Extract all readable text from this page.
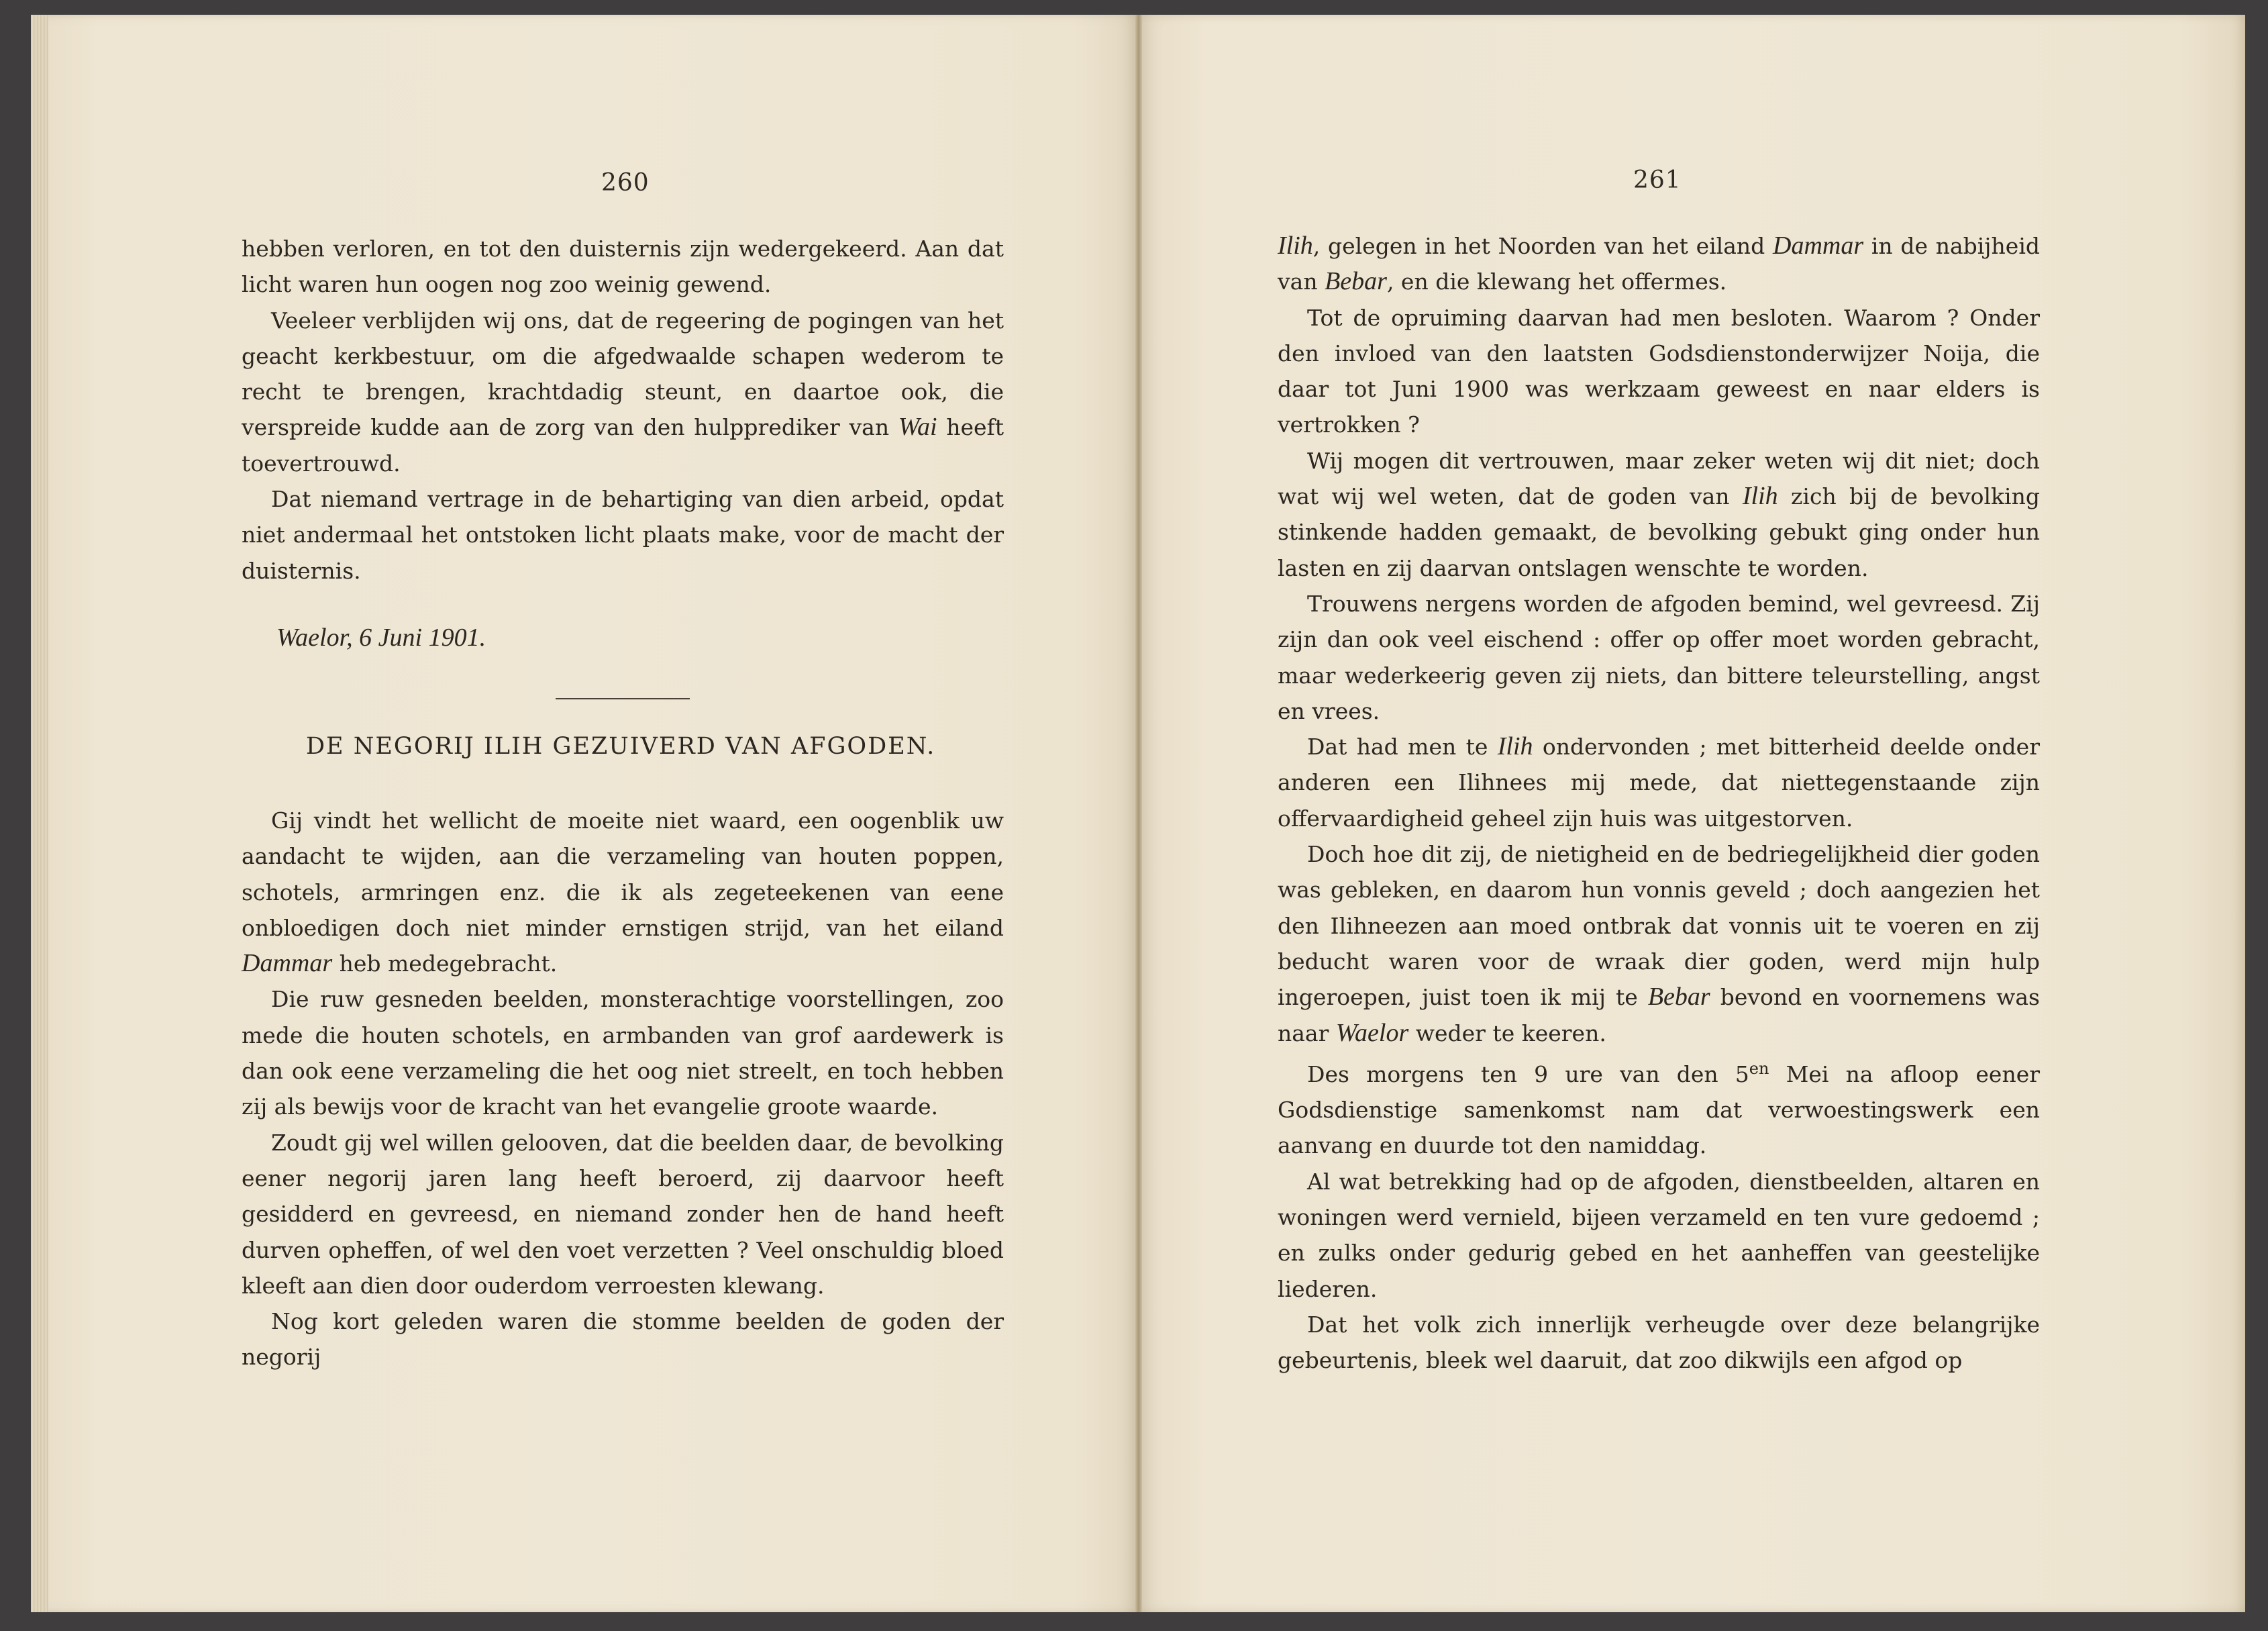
260

hebben verloren, en tot den duisternis zijn wedergekeerd. Aan dat licht waren hun oogen nog zoo weinig gewend.

Veeleer verblijden wij ons, dat de regeering de pogingen van het geacht kerkbestuur, om die afgedwaalde schapen wederom te recht te brengen, krachtdadig steunt, en daartoe ook, die verspreide kudde aan de zorg van den hulpprediker van Wai heeft toevertrouwd.

Dat niemand vertrage in de behartiging van dien arbeid, opdat niet andermaal het ontstoken licht plaats make, voor de macht der duisternis.

Waelor, 6 Juni 1901.
DE NEGORIJ ILIH GEZUIVERD VAN AFGODEN.

Gij vindt het wellicht de moeite niet waard, een oogenblik uw aandacht te wijden, aan die verzameling van houten poppen, schotels, armringen enz. die ik als zegeteekenen van eene onbloedigen doch niet minder ernstigen strijd, van het eiland Dammar heb medegebracht.

Die ruw gesneden beelden, monsterachtige voorstellingen, zoo mede die houten schotels, en armbanden van grof aardewerk is dan ook eene verzameling die het oog niet streelt, en toch hebben zij als bewijs voor de kracht van het evangelie groote waarde.

Zoudt gij wel willen gelooven, dat die beelden daar, de bevolking eener negorij jaren lang heeft beroerd, zij daarvoor heeft gesidderd en gevreesd, en niemand zonder hen de hand heeft durven opheffen, of wel den voet verzetten ? Veel onschuldig bloed kleeft aan dien door ouderdom verroesten klewang.

Nog kort geleden waren die stomme beelden de goden der negorij

261

Ilih, gelegen in het Noorden van het eiland Dammar in de nabijheid van Bebar, en die klewang het offermes.

Tot de opruiming daarvan had men besloten. Waarom ? Onder den invloed van den laatsten Godsdienstonderwijzer Noija, die daar tot Juni 1900 was werkzaam geweest en naar elders is vertrokken ?

Wij mogen dit vertrouwen, maar zeker weten wij dit niet; doch wat wij wel weten, dat de goden van Ilih zich bij de bevolking stinkende hadden gemaakt, de bevolking gebukt ging onder hun lasten en zij daarvan ontslagen wenschte te worden.

Trouwens nergens worden de afgoden bemind, wel gevreesd. Zij zijn dan ook veel eischend : offer op offer moet worden gebracht, maar wederkeerig geven zij niets, dan bittere teleurstelling, angst en vrees.

Dat had men te Ilih ondervonden ; met bitterheid deelde onder anderen een Ilihnees mij mede, dat niettegenstaande zijn offervaardigheid geheel zijn huis was uitgestorven.

Doch hoe dit zij, de nietigheid en de bedriegelijkheid dier goden was gebleken, en daarom hun vonnis geveld ; doch aangezien het den Ilihneezen aan moed ontbrak dat vonnis uit te voeren en zij beducht waren voor de wraak dier goden, werd mijn hulp ingeroepen, juist toen ik mij te Bebar bevond en voornemens was naar Waelor weder te keeren.

Des morgens ten 9 ure van den $5^{en}$ Mei na afloop eener Godsdienstige samenkomst nam dat verwoestingswerk een aanvang en duurde tot den namiddag.

Al wat betrekking had op de afgoden, dienstbeelden, altaren en woningen werd vernield, bijeen verzameld en ten vure gedoemd ; en zulks onder gedurig gebed en het aanheffen van geestelijke liederen.

Dat het volk zich innerlijk verheugde over deze belangrijke gebeurtenis, bleek wel daaruit, dat zoo dikwijls een afgod op
